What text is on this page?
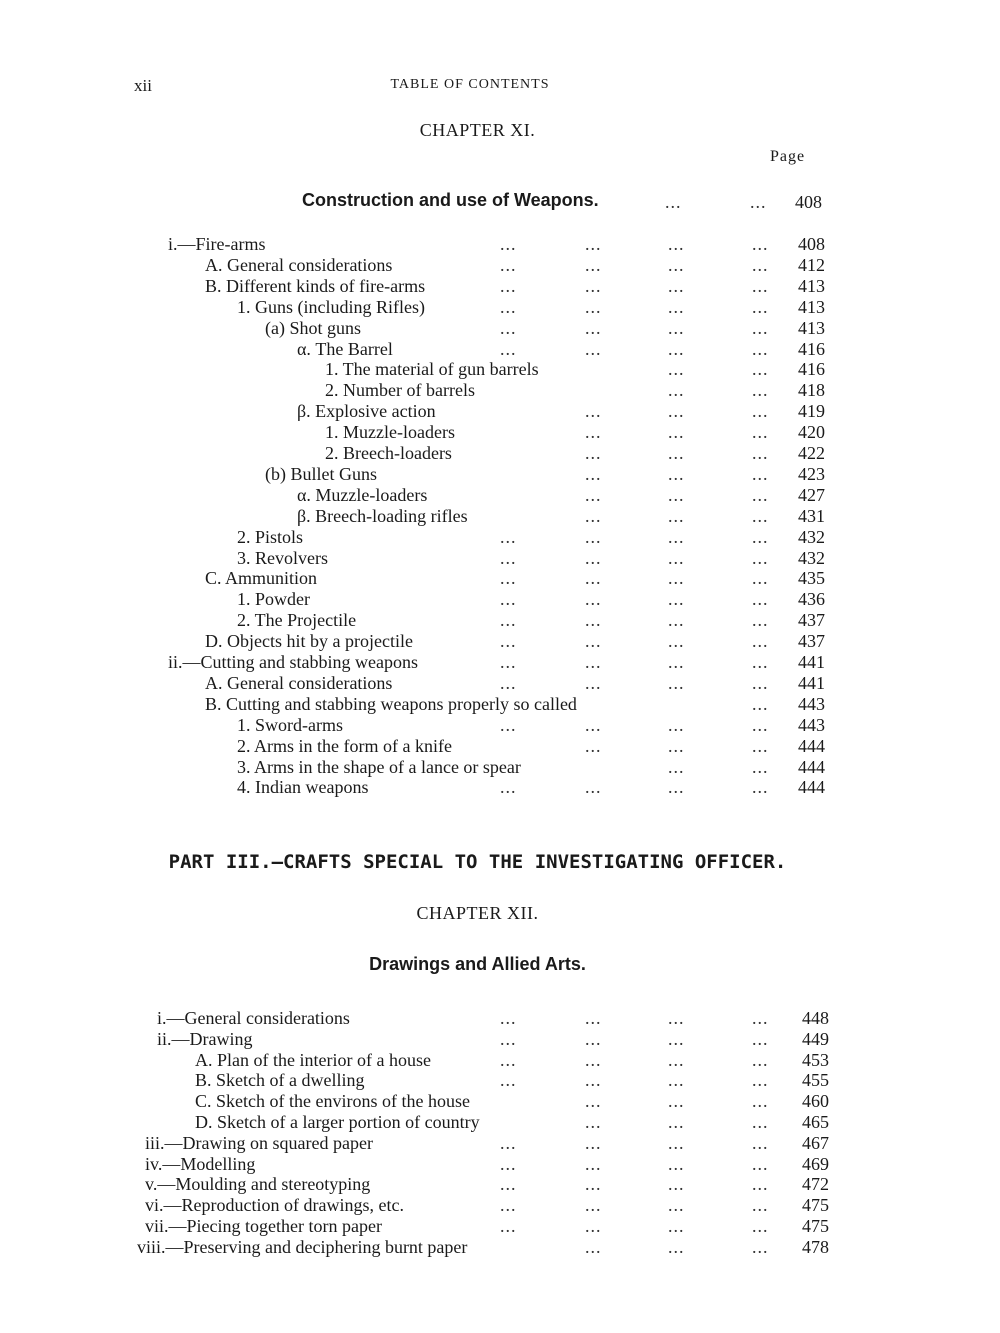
xii	TABLE OF CONTENTS
CHAPTER XI.
Page
Construction and use of Weapons.	...	...	408
i.—Fire-arms	...	...	...	...	408
A. General considerations	...	...	...	...	412
B. Different kinds of fire-arms	...	...	...	...	413
1. Guns (including Rifles)	...	...	...	...	413
(a) Shot guns	...	...	...	...	413
α. The Barrel	...	...	...	...	416
1. The material of gun barrels	...	...	416
2. Number of barrels	...	...	418
β. Explosive action	...	...	...	419
1. Muzzle-loaders	...	...	...	420
2. Breech-loaders	...	...	...	422
(b) Bullet Guns	...	...	...	423
α. Muzzle-loaders	...	...	...	427
β. Breech-loading rifles	...	...	...	431
2. Pistols	...	...	...	...	432
3. Revolvers	...	...	...	...	432
C. Ammunition	...	...	...	...	435
1. Powder	...	...	...	...	436
2. The Projectile	...	...	...	...	437
D. Objects hit by a projectile	...	...	...	...	437
ii.—Cutting and stabbing weapons	...	...	...	...	441
A. General considerations	...	...	...	...	441
B. Cutting and stabbing weapons properly so called	...	443
1. Sword-arms	...	...	...	...	443
2. Arms in the form of a knife	...	...	...	444
3. Arms in the shape of a lance or spear	...	...	444
4. Indian weapons	...	...	...	...	444
PART III.—CRAFTS SPECIAL TO THE INVESTIGATING OFFICER.
CHAPTER XII.
Drawings and Allied Arts.
i.—General considerations	...	...	...	...	448
ii.—Drawing	...	...	...	...	449
A. Plan of the interior of a house	...	...	...	...	453
B. Sketch of a dwelling	...	...	...	...	455
C. Sketch of the environs of the house	...	...	...	460
D. Sketch of a larger portion of country	...	...	...	465
iii.—Drawing on squared paper	...	...	...	...	467
iv.—Modelling	...	...	...	...	469
v.—Moulding and stereotyping	...	...	...	...	472
vi.—Reproduction of drawings, etc.	...	...	...	...	475
vii.—Piecing together torn paper	...	...	...	...	475
viii.—Preserving and deciphering burnt paper	...	...	...	478
